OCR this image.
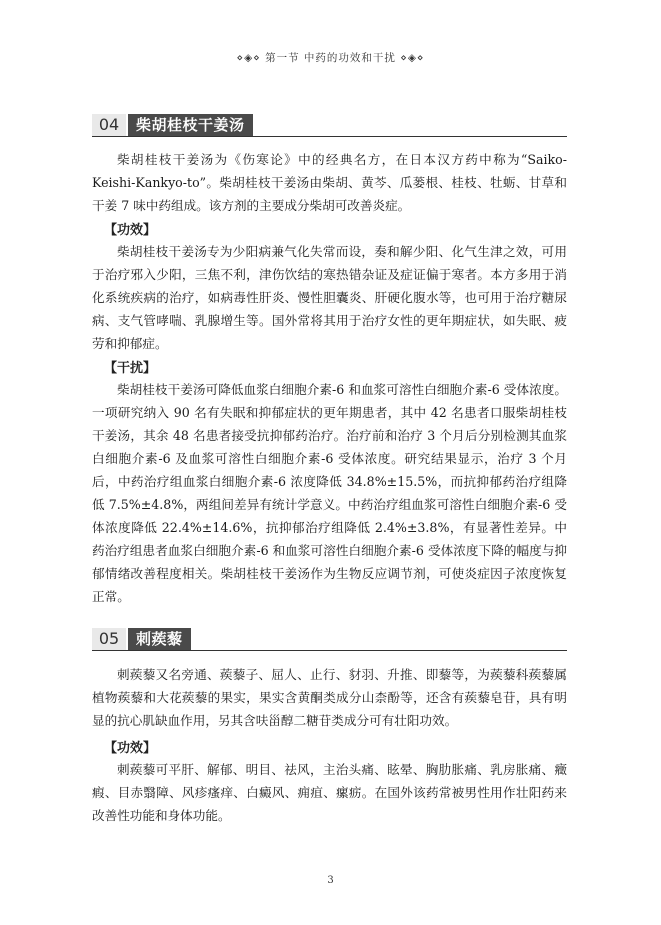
⋄◈⋄ 第一节 中药的功效和干扰 ⋄◈⋄
04	柴胡桂枝干姜汤

柴胡桂枝干姜汤为《伤寒论》中的经典名方，在日本汉方药中称为“Saiko-Keishi-Kankyo-to”。柴胡桂枝干姜汤由柴胡、黄芩、瓜蒌根、桂枝、牡蛎、甘草和干姜 7 味中药组成。该方剂的主要成分柴胡可改善炎症。

【功效】

柴胡桂枝干姜汤专为少阳病兼气化失常而设，奏和解少阳、化气生津之效，可用于治疗邪入少阳，三焦不利，津伤饮结的寒热错杂证及症证偏于寒者。本方多用于消化系统疾病的治疗，如病毒性肝炎、慢性胆囊炎、肝硬化腹水等，也可用于治疗糖尿病、支气管哮喘、乳腺增生等。国外常将其用于治疗女性的更年期症状，如失眠、疲劳和抑郁症。

【干扰】

柴胡桂枝干姜汤可降低血浆白细胞介素-6 和血浆可溶性白细胞介素-6 受体浓度。一项研究纳入 90 名有失眠和抑郁症状的更年期患者，其中 42 名患者口服柴胡桂枝干姜汤，其余 48 名患者接受抗抑郁药治疗。治疗前和治疗 3 个月后分别检测其血浆白细胞介素-6 及血浆可溶性白细胞介素-6 受体浓度。研究结果显示，治疗 3 个月后，中药治疗组血浆白细胞介素-6 浓度降低 34.8%±15.5%，而抗抑郁药治疗组降低 7.5%±4.8%，两组间差异有统计学意义。中药治疗组血浆可溶性白细胞介素-6 受体浓度降低 22.4%±14.6%，抗抑郁治疗组降低 2.4%±3.8%，有显著性差异。中药治疗组患者血浆白细胞介素-6 和血浆可溶性白细胞介素-6 受体浓度下降的幅度与抑郁情绪改善程度相关。柴胡桂枝干姜汤作为生物反应调节剂，可使炎症因子浓度恢复正常。

05	刺蒺藜

刺蒺藜又名旁通、蒺藜子、屈人、止行、豺羽、升推、即藜等，为蒺藜科蒺藜属植物蒺藜和大花蒺藜的果实，果实含黄酮类成分山柰酚等，还含有蒺藜皂苷，具有明显的抗心肌缺血作用，另其含呋甾醇二糖苷类成分可有壮阳功效。

【功效】

刺蒺藜可平肝、解郁、明目、祛风，主治头痛、眩晕、胸肋胀痛、乳房胀痛、癥瘕、目赤翳障、风疹瘙痒、白癜风、痈疽、瘰疬。在国外该药常被男性用作壮阳药来改善性功能和身体功能。

3
